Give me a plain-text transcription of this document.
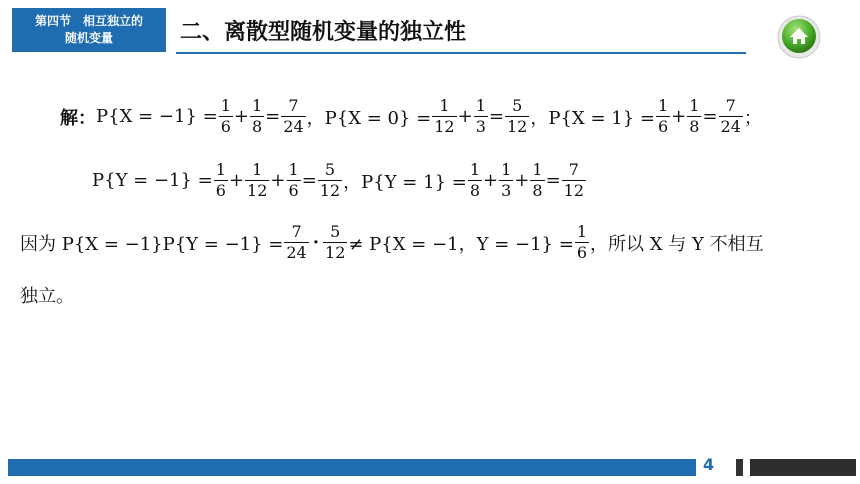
第四节　相互独立的
随机变量	二、离散型随机变量的独立性
解： $P\{X = -1\} = \frac{1}{6} + \frac{1}{8} = \frac{7}{24}$ ，$P\{X = 0\} = \frac{1}{12} + \frac{1}{3} = \frac{5}{12}$ ，$P\{X = 1\} = \frac{1}{6} + \frac{1}{8} = \frac{7}{24}$ ；
$P\{Y = -1\} = \frac{1}{6} + \frac{1}{12} + \frac{1}{6} = \frac{5}{12}$ ，$P\{Y = 1\} = \frac{1}{8} + \frac{1}{3} + \frac{1}{8} = \frac{7}{12}$
因为 $P\{X = -1\}P\{Y = -1\} = \frac{7}{24} \cdot \frac{5}{12} \ne P\{X = -1$，$Y = -1\} = \frac{1}{6}$ ，所以 X 与 Y 不相互
独立。
4
